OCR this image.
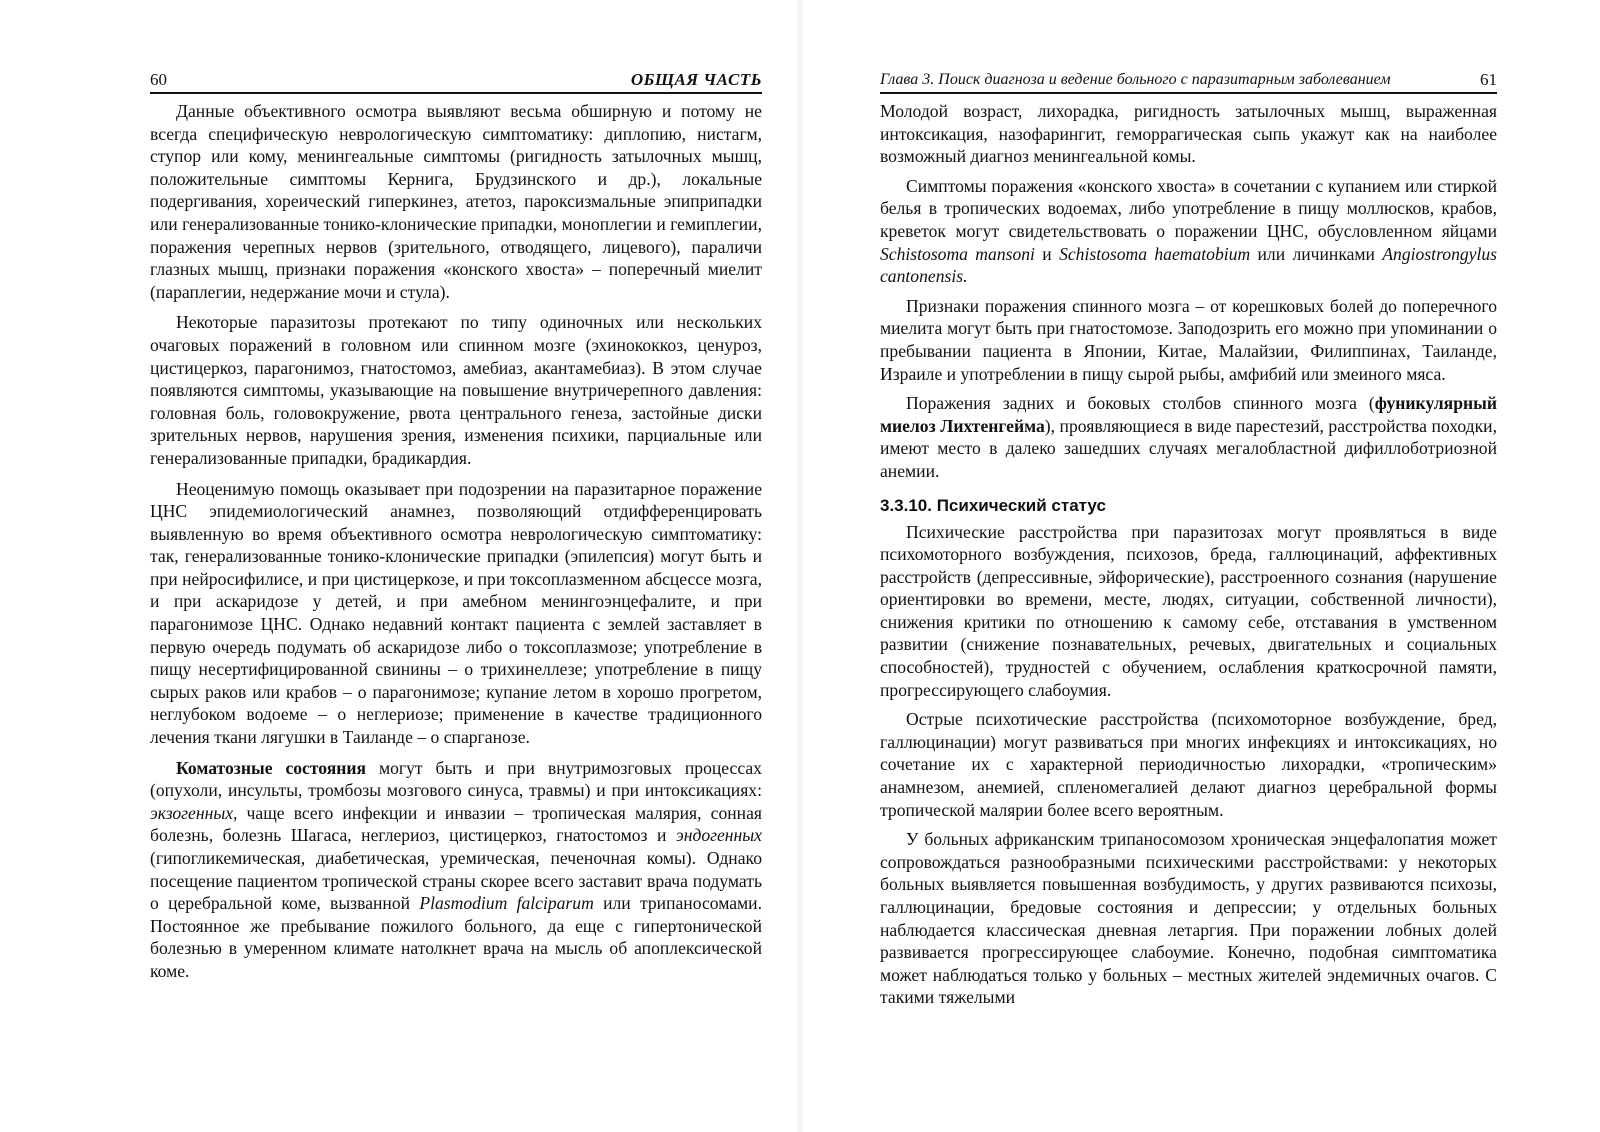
60	ОБЩАЯ ЧАСТЬ

Данные объективного осмотра выявляют весьма обширную и потому не всегда специфическую неврологическую симптоматику: диплопию, нистагм, ступор или кому, менингеальные симптомы (ригидность затылочных мышц, положительные симптомы Кернига, Брудзинского и др.), локальные подергивания, хореический гиперкинез, атетоз, пароксизмальные эпиприпадки или генерализованные тонико-клонические припадки, моноплегии и гемиплегии, поражения черепных нервов (зрительного, отводящего, лицевого), параличи глазных мышц, признаки поражения «конского хвоста» – поперечный миелит (параплегии, недержание мочи и стула).

Некоторые паразитозы протекают по типу одиночных или нескольких очаговых поражений в головном или спинном мозге (эхинококкоз, ценуроз, цистицеркоз, парагонимоз, гнатостомоз, амебиаз, акантамебиаз). В этом случае появляются симптомы, указывающие на повышение внутричерепного давления: головная боль, головокружение, рвота центрального генеза, застойные диски зрительных нервов, нарушения зрения, изменения психики, парциальные или генерализованные припадки, брадикардия.

Неоценимую помощь оказывает при подозрении на паразитарное поражение ЦНС эпидемиологический анамнез, позволяющий отдифференцировать выявленную во время объективного осмотра неврологическую симптоматику: так, генерализованные тонико-клонические припадки (эпилепсия) могут быть и при нейросифилисе, и при цистицеркозе, и при токсоплазменном абсцессе мозга, и при аскаридозе у детей, и при амебном менингоэнцефалите, и при парагонимозе ЦНС. Однако недавний контакт пациента с землей заставляет в первую очередь подумать об аскаридозе либо о токсоплазмозе; употребление в пищу несертифицированной свинины – о трихинеллезе; употребление в пищу сырых раков или крабов – о парагонимозе; купание летом в хорошо прогретом, неглубоком водоеме – о неглериозе; применение в качестве традиционного лечения ткани лягушки в Таиланде – о спарганозе.

Коматозные состояния могут быть и при внутримозговых процессах (опухоли, инсульты, тромбозы мозгового синуса, травмы) и при интоксикациях: экзогенных, чаще всего инфекции и инвазии – тропическая малярия, сонная болезнь, болезнь Шагаса, неглериоз, цистицеркоз, гнатостомоз и эндогенных (гипогликемическая, диабетическая, уремическая, печеночная комы). Однако посещение пациентом тропической страны скорее всего заставит врача подумать о церебральной коме, вызванной Plasmodium falciparum или трипаносомами. Постоянное же пребывание пожилого больного, да еще с гипертонической болезнью в умеренном климате натолкнет врача на мысль об апоплексической коме.

Глава 3. Поиск диагноза и ведение больного с паразитарным заболеванием	61

Молодой возраст, лихорадка, ригидность затылочных мышц, выраженная интоксикация, назофарингит, геморрагическая сыпь укажут как на наиболее возможный диагноз менингеальной комы.

Симптомы поражения «конского хвоста» в сочетании с купанием или стиркой белья в тропических водоемах, либо употребление в пищу моллюсков, крабов, креветок могут свидетельствовать о поражении ЦНС, обусловленном яйцами Schistosoma mansoni и Schistosoma haematobium или личинками Angiostrongylus cantonensis.

Признаки поражения спинного мозга – от корешковых болей до поперечного миелита могут быть при гнатостомозе. Заподозрить его можно при упоминании о пребывании пациента в Японии, Китае, Малайзии, Филиппинах, Таиланде, Израиле и употреблении в пищу сырой рыбы, амфибий или змеиного мяса.

Поражения задних и боковых столбов спинного мозга (фуникулярный миелоз Лихтенгейма), проявляющиеся в виде парестезий, расстройства походки, имеют место в далеко зашедших случаях мегалобластной дифиллоботриозной анемии.

3.3.10. Психический статус

Психические расстройства при паразитозах могут проявляться в виде психомоторного возбуждения, психозов, бреда, галлюцинаций, аффективных расстройств (депрессивные, эйфорические), расстроенного сознания (нарушение ориентировки во времени, месте, людях, ситуации, собственной личности), снижения критики по отношению к самому себе, отставания в умственном развитии (снижение познавательных, речевых, двигательных и социальных способностей), трудностей с обучением, ослабления краткосрочной памяти, прогрессирующего слабоумия.

Острые психотические расстройства (психомоторное возбуждение, бред, галлюцинации) могут развиваться при многих инфекциях и интоксикациях, но сочетание их с характерной периодичностью лихорадки, «тропическим» анамнезом, анемией, спленомегалией делают диагноз церебральной формы тропической малярии более всего вероятным.

У больных африканским трипаносомозом хроническая энцефалопатия может сопровождаться разнообразными психическими расстройствами: у некоторых больных выявляется повышенная возбудимость, у других развиваются психозы, галлюцинации, бредовые состояния и депрессии; у отдельных больных наблюдается классическая дневная летаргия. При поражении лобных долей развивается прогрессирующее слабоумие. Конечно, подобная симптоматика может наблюдаться только у больных – местных жителей эндемичных очагов. С такими тяжелыми
